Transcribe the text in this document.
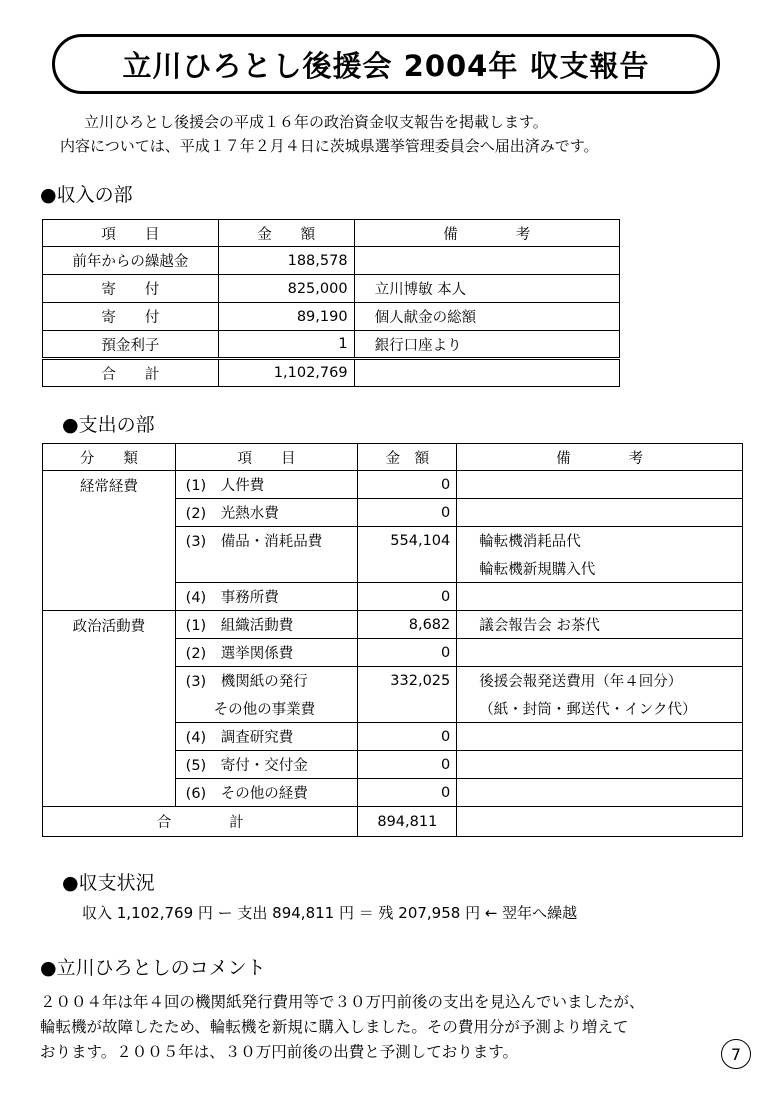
立川ひろとし後援会 2004年 収支報告
立川ひろとし後援会の平成１６年の政治資金収支報告を掲載します。
内容については、平成１７年２月４日に茨城県選挙管理委員会へ届出済みです。
●収入の部
項　　目	金　　額	備　　　　考
前年からの繰越金	188,578	
寄　　付	825,000	立川博敏 本人
寄　　付	89,190	個人献金の総額
預金利子	1	銀行口座より
合　　計	1,102,769	
●支出の部
分　　類	項　　目	金　額	備　　　　考
経常経費	(1)　人件費	0	
	(2)　光熱水費	0	
	(3)　備品・消耗品費	554,104	輪転機消耗品代
			輪転機新規購入代
	(4)　事務所費	0	
政治活動費	(1)　組織活動費	8,682	議会報告会 お茶代
	(2)　選挙関係費	0	
	(3)　機関紙の発行	332,025	後援会報発送費用（年４回分）
	その他の事業費		（紙・封筒・郵送代・インク代）
	(4)　調査研究費	0	
	(5)　寄付・交付金	0	
	(6)　その他の経費	0	
合　　　　計		894,811	
●収支状況
収入 1,102,769 円 ー 支出 894,811 円 ＝ 残 207,958 円 ← 翌年へ繰越
●立川ひろとしのコメント
２００４年は年４回の機関紙発行費用等で３０万円前後の支出を見込んでいましたが、
輪転機が故障したため、輪転機を新規に購入しました。その費用分が予測より増えて
おります。２００５年は、３０万円前後の出費と予測しております。	7
